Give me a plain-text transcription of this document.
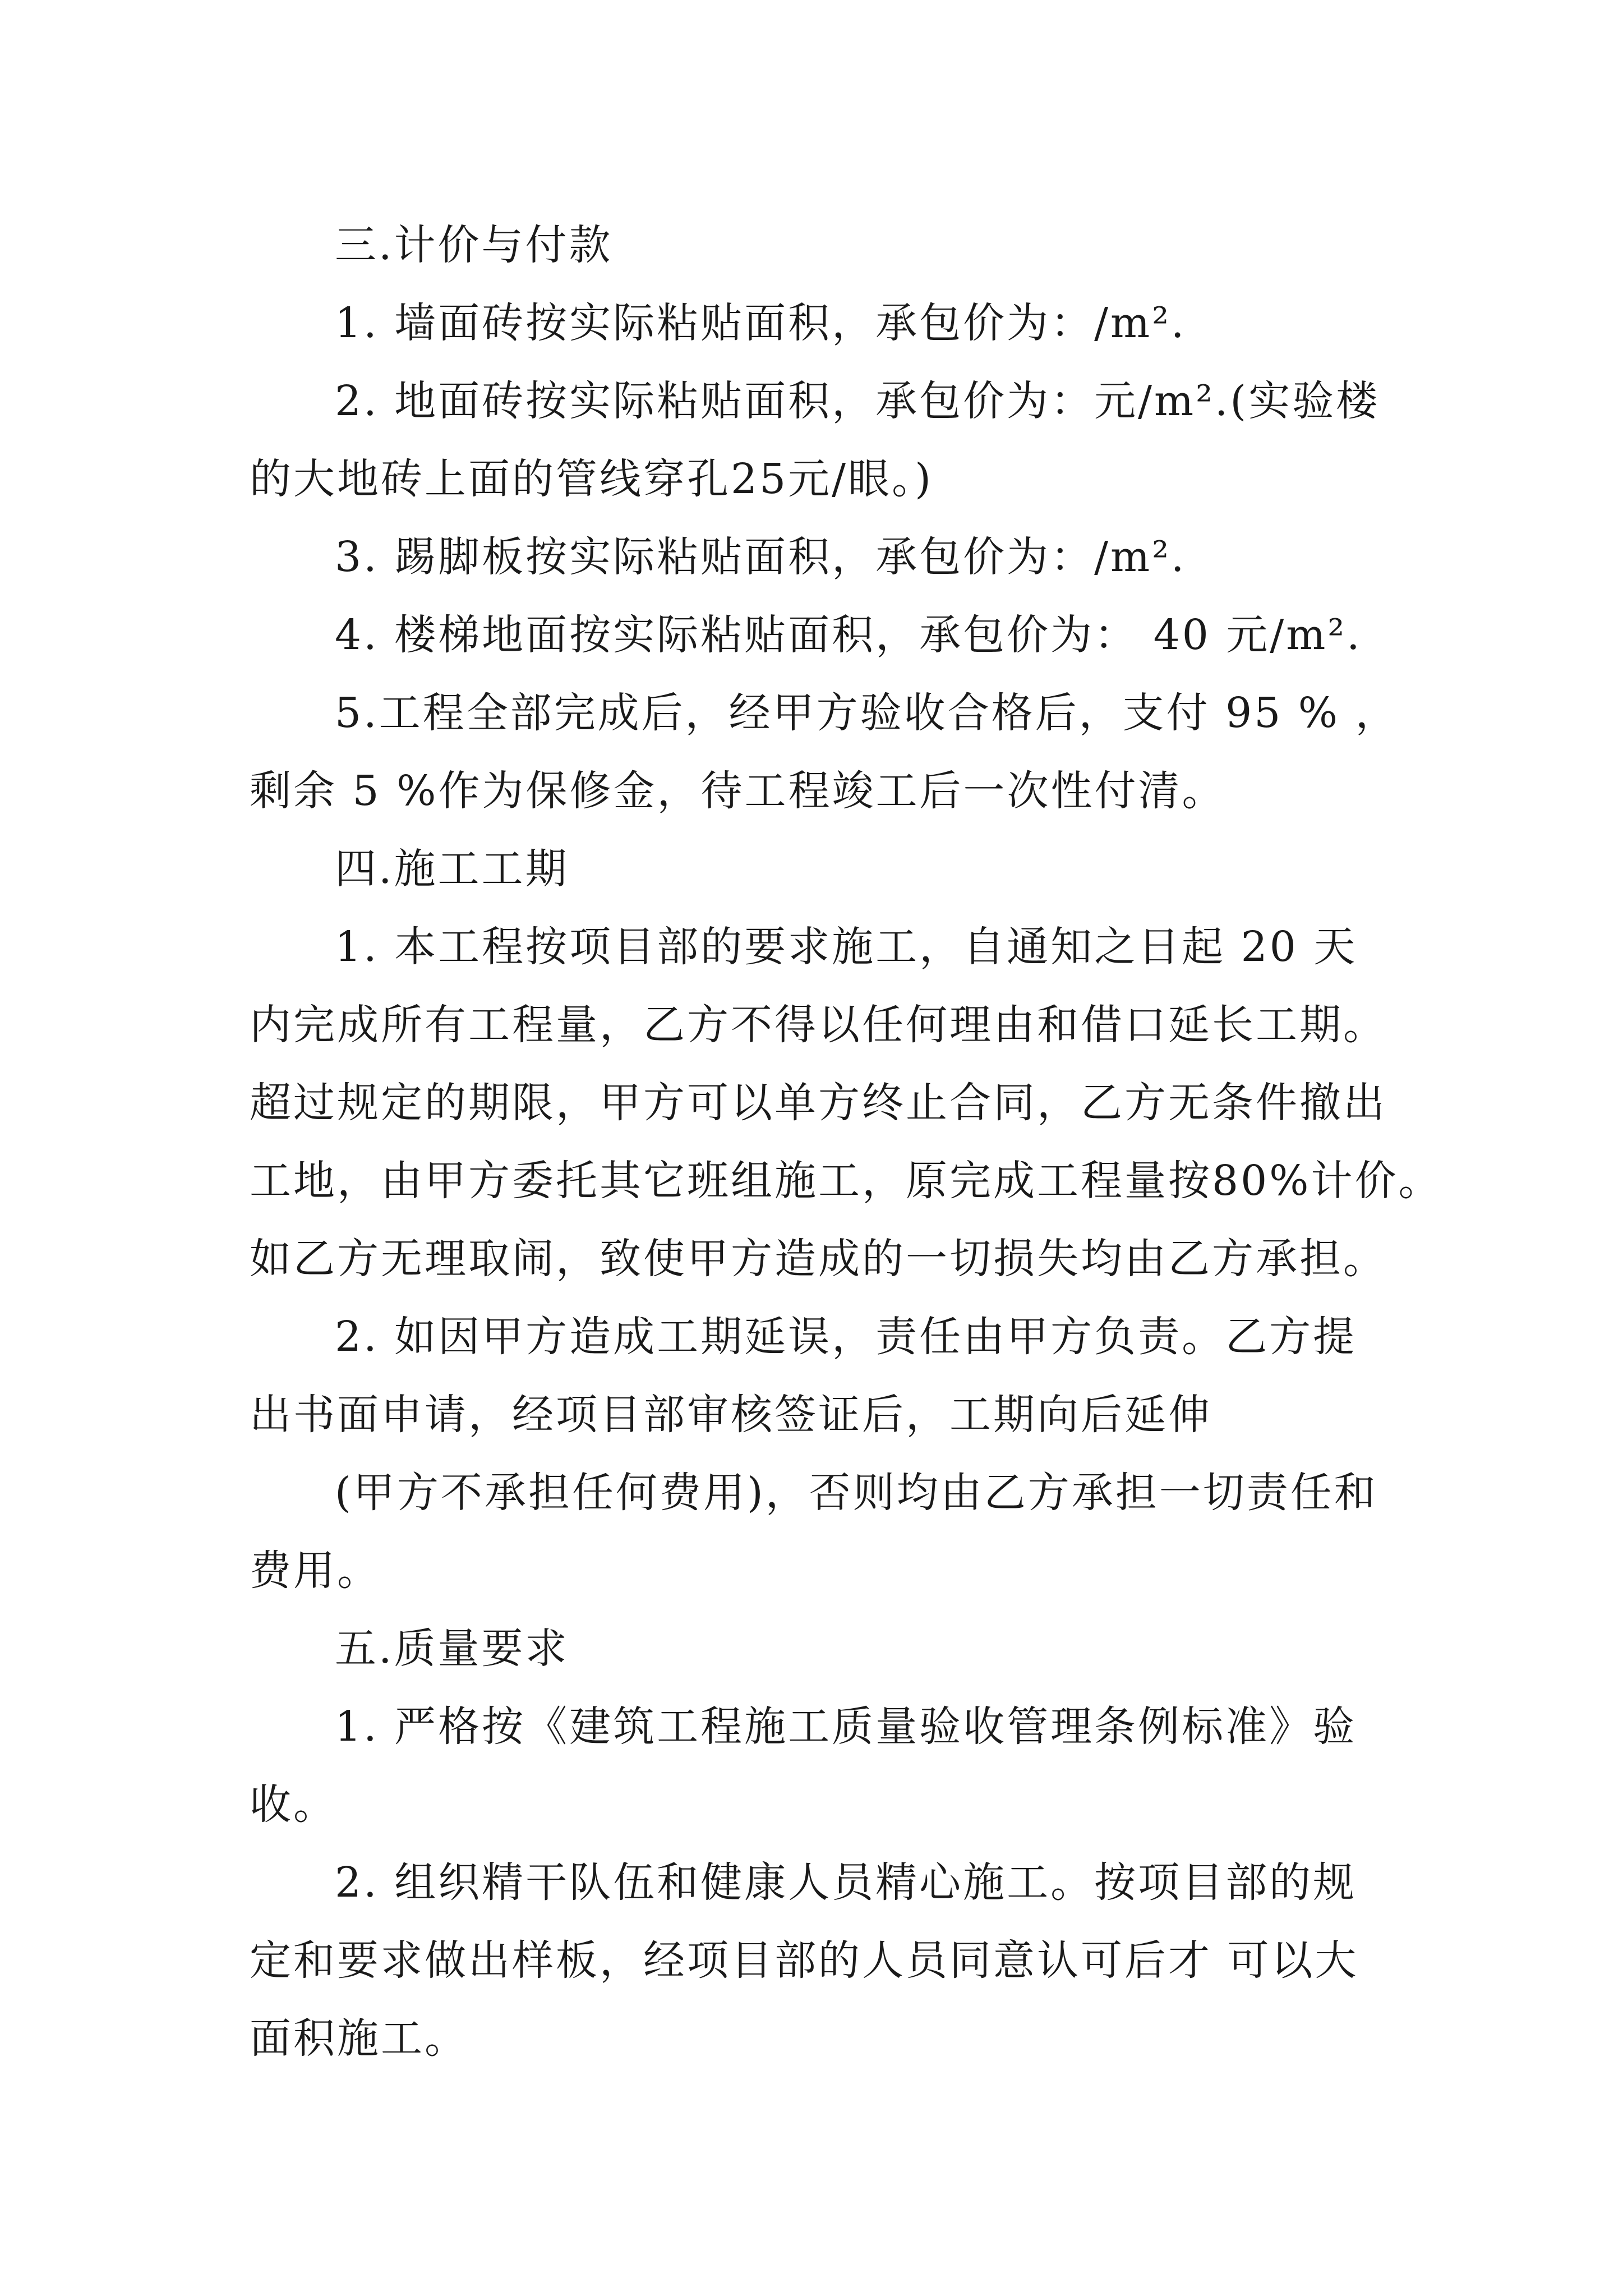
三.计价与付款
1. 墙面砖按实际粘贴面积，承包价为：/m².
2. 地面砖按实际粘贴面积，承包价为：元/m².(实验楼
的大地砖上面的管线穿孔25元/眼。)
3. 踢脚板按实际粘贴面积，承包价为：/m².
4. 楼梯地面按实际粘贴面积，承包价为： 40 元/m².
5.工程全部完成后，经甲方验收合格后，支付 95 % ，
剩余 5 %作为保修金，待工程竣工后一次性付清。
四.施工工期
1. 本工程按项目部的要求施工，自通知之日起 20 天
内完成所有工程量，乙方不得以任何理由和借口延长工期。
超过规定的期限，甲方可以单方终止合同，乙方无条件撤出
工地，由甲方委托其它班组施工，原完成工程量按80%计价。
如乙方无理取闹，致使甲方造成的一切损失均由乙方承担。
2. 如因甲方造成工期延误，责任由甲方负责。乙方提
出书面申请，经项目部审核签证后，工期向后延伸
(甲方不承担任何费用)，否则均由乙方承担一切责任和
费用。
五.质量要求
1. 严格按《建筑工程施工质量验收管理条例标准》验
收。
2. 组织精干队伍和健康人员精心施工。按项目部的规
定和要求做出样板，经项目部的人员同意认可后才 可以大
面积施工。
